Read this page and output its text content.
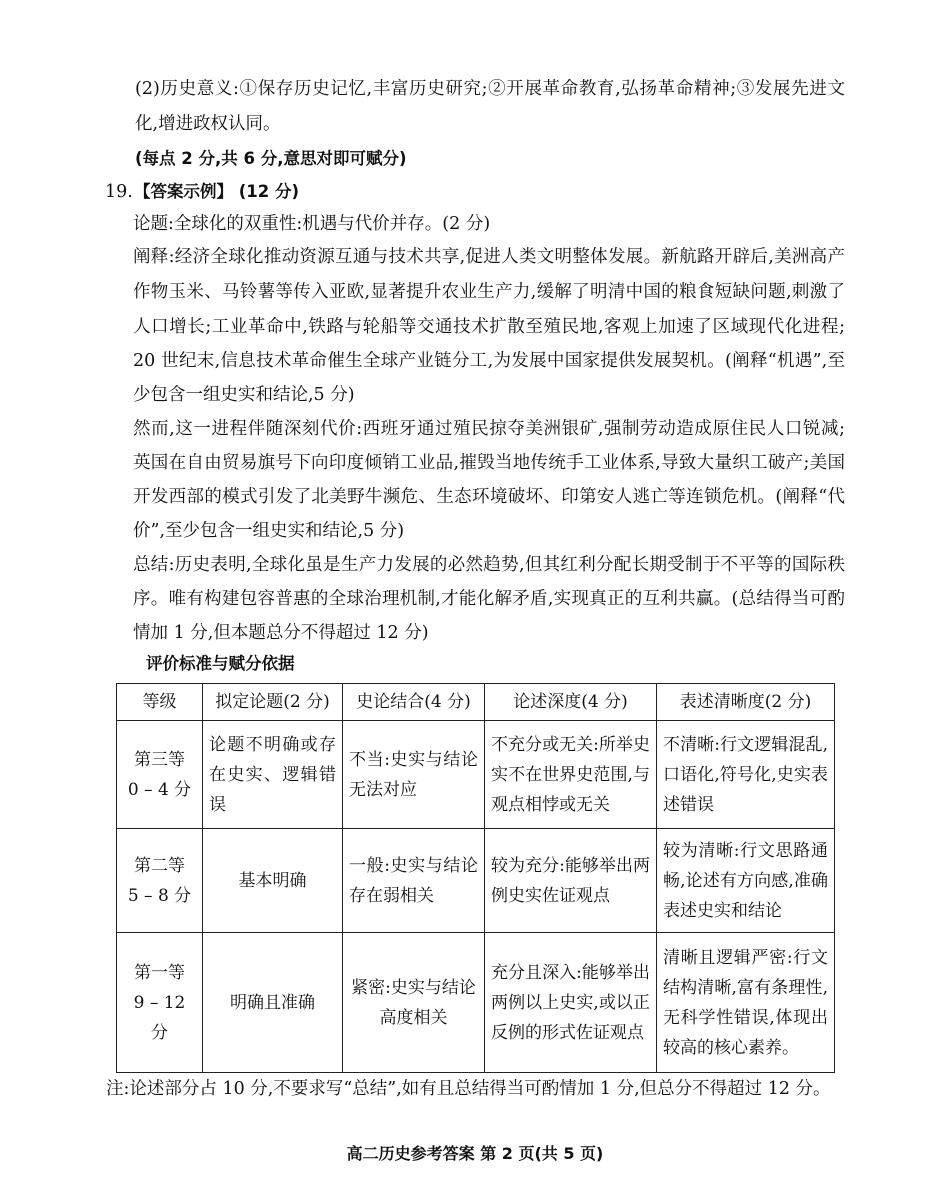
(2)历史意义:①保存历史记忆,丰富历史研究;②开展革命教育,弘扬革命精神;③发展先进文
化,增进政权认同。
(每点 2 分,共 6 分,意思对即可赋分)
19. 【答案示例】 (12 分)
论题:全球化的双重性:机遇与代价并存。(2 分)
阐释:经济全球化推动资源互通与技术共享,促进人类文明整体发展。新航路开辟后,美洲高产
作物玉米、马铃薯等传入亚欧,显著提升农业生产力,缓解了明清中国的粮食短缺问题,刺激了
人口增长;工业革命中,铁路与轮船等交通技术扩散至殖民地,客观上加速了区域现代化进程;
20 世纪末,信息技术革命催生全球产业链分工,为发展中国家提供发展契机。(阐释“机遇”,至
少包含一组史实和结论,5 分)
然而,这一进程伴随深刻代价:西班牙通过殖民掠夺美洲银矿,强制劳动造成原住民人口锐减;
英国在自由贸易旗号下向印度倾销工业品,摧毁当地传统手工业体系,导致大量织工破产;美国
开发西部的模式引发了北美野牛濒危、生态环境破坏、印第安人逃亡等连锁危机。(阐释“代
价”,至少包含一组史实和结论,5 分)
总结:历史表明,全球化虽是生产力发展的必然趋势,但其红利分配长期受制于不平等的国际秩
序。唯有构建包容普惠的全球治理机制,才能化解矛盾,实现真正的互利共赢。(总结得当可酌
情加 1 分,但本题总分不得超过 12 分)
评价标准与赋分依据
等级	拟定论题(2 分)	史论结合(4 分)	论述深度(4 分)	表述清晰度(2 分)

第三等
0 – 4 分	论题不明确或存在史实、逻辑错误	不当:史实与结论无法对应	不充分或无关:所举史实不在世界史范围,与观点相悖或无关	不清晰:行文逻辑混乱,口语化,符号化,史实表述错误

第二等
5 – 8 分	基本明确	一般:史实与结论存在弱相关	较为充分:能够举出两例史实佐证观点	较为清晰:行文思路通畅,论述有方向感,准确表述史实和结论

第一等
9 – 12 分	明确且准确	紧密:史实与结论高度相关	充分且深入:能够举出两例以上史实,或以正反例的形式佐证观点	清晰且逻辑严密:行文结构清晰,富有条理性,无科学性错误,体现出较高的核心素养。
注:论述部分占 10 分,不要求写“总结”,如有且总结得当可酌情加 1 分,但总分不得超过 12 分。
高二历史参考答案 第 2 页(共 5 页)
